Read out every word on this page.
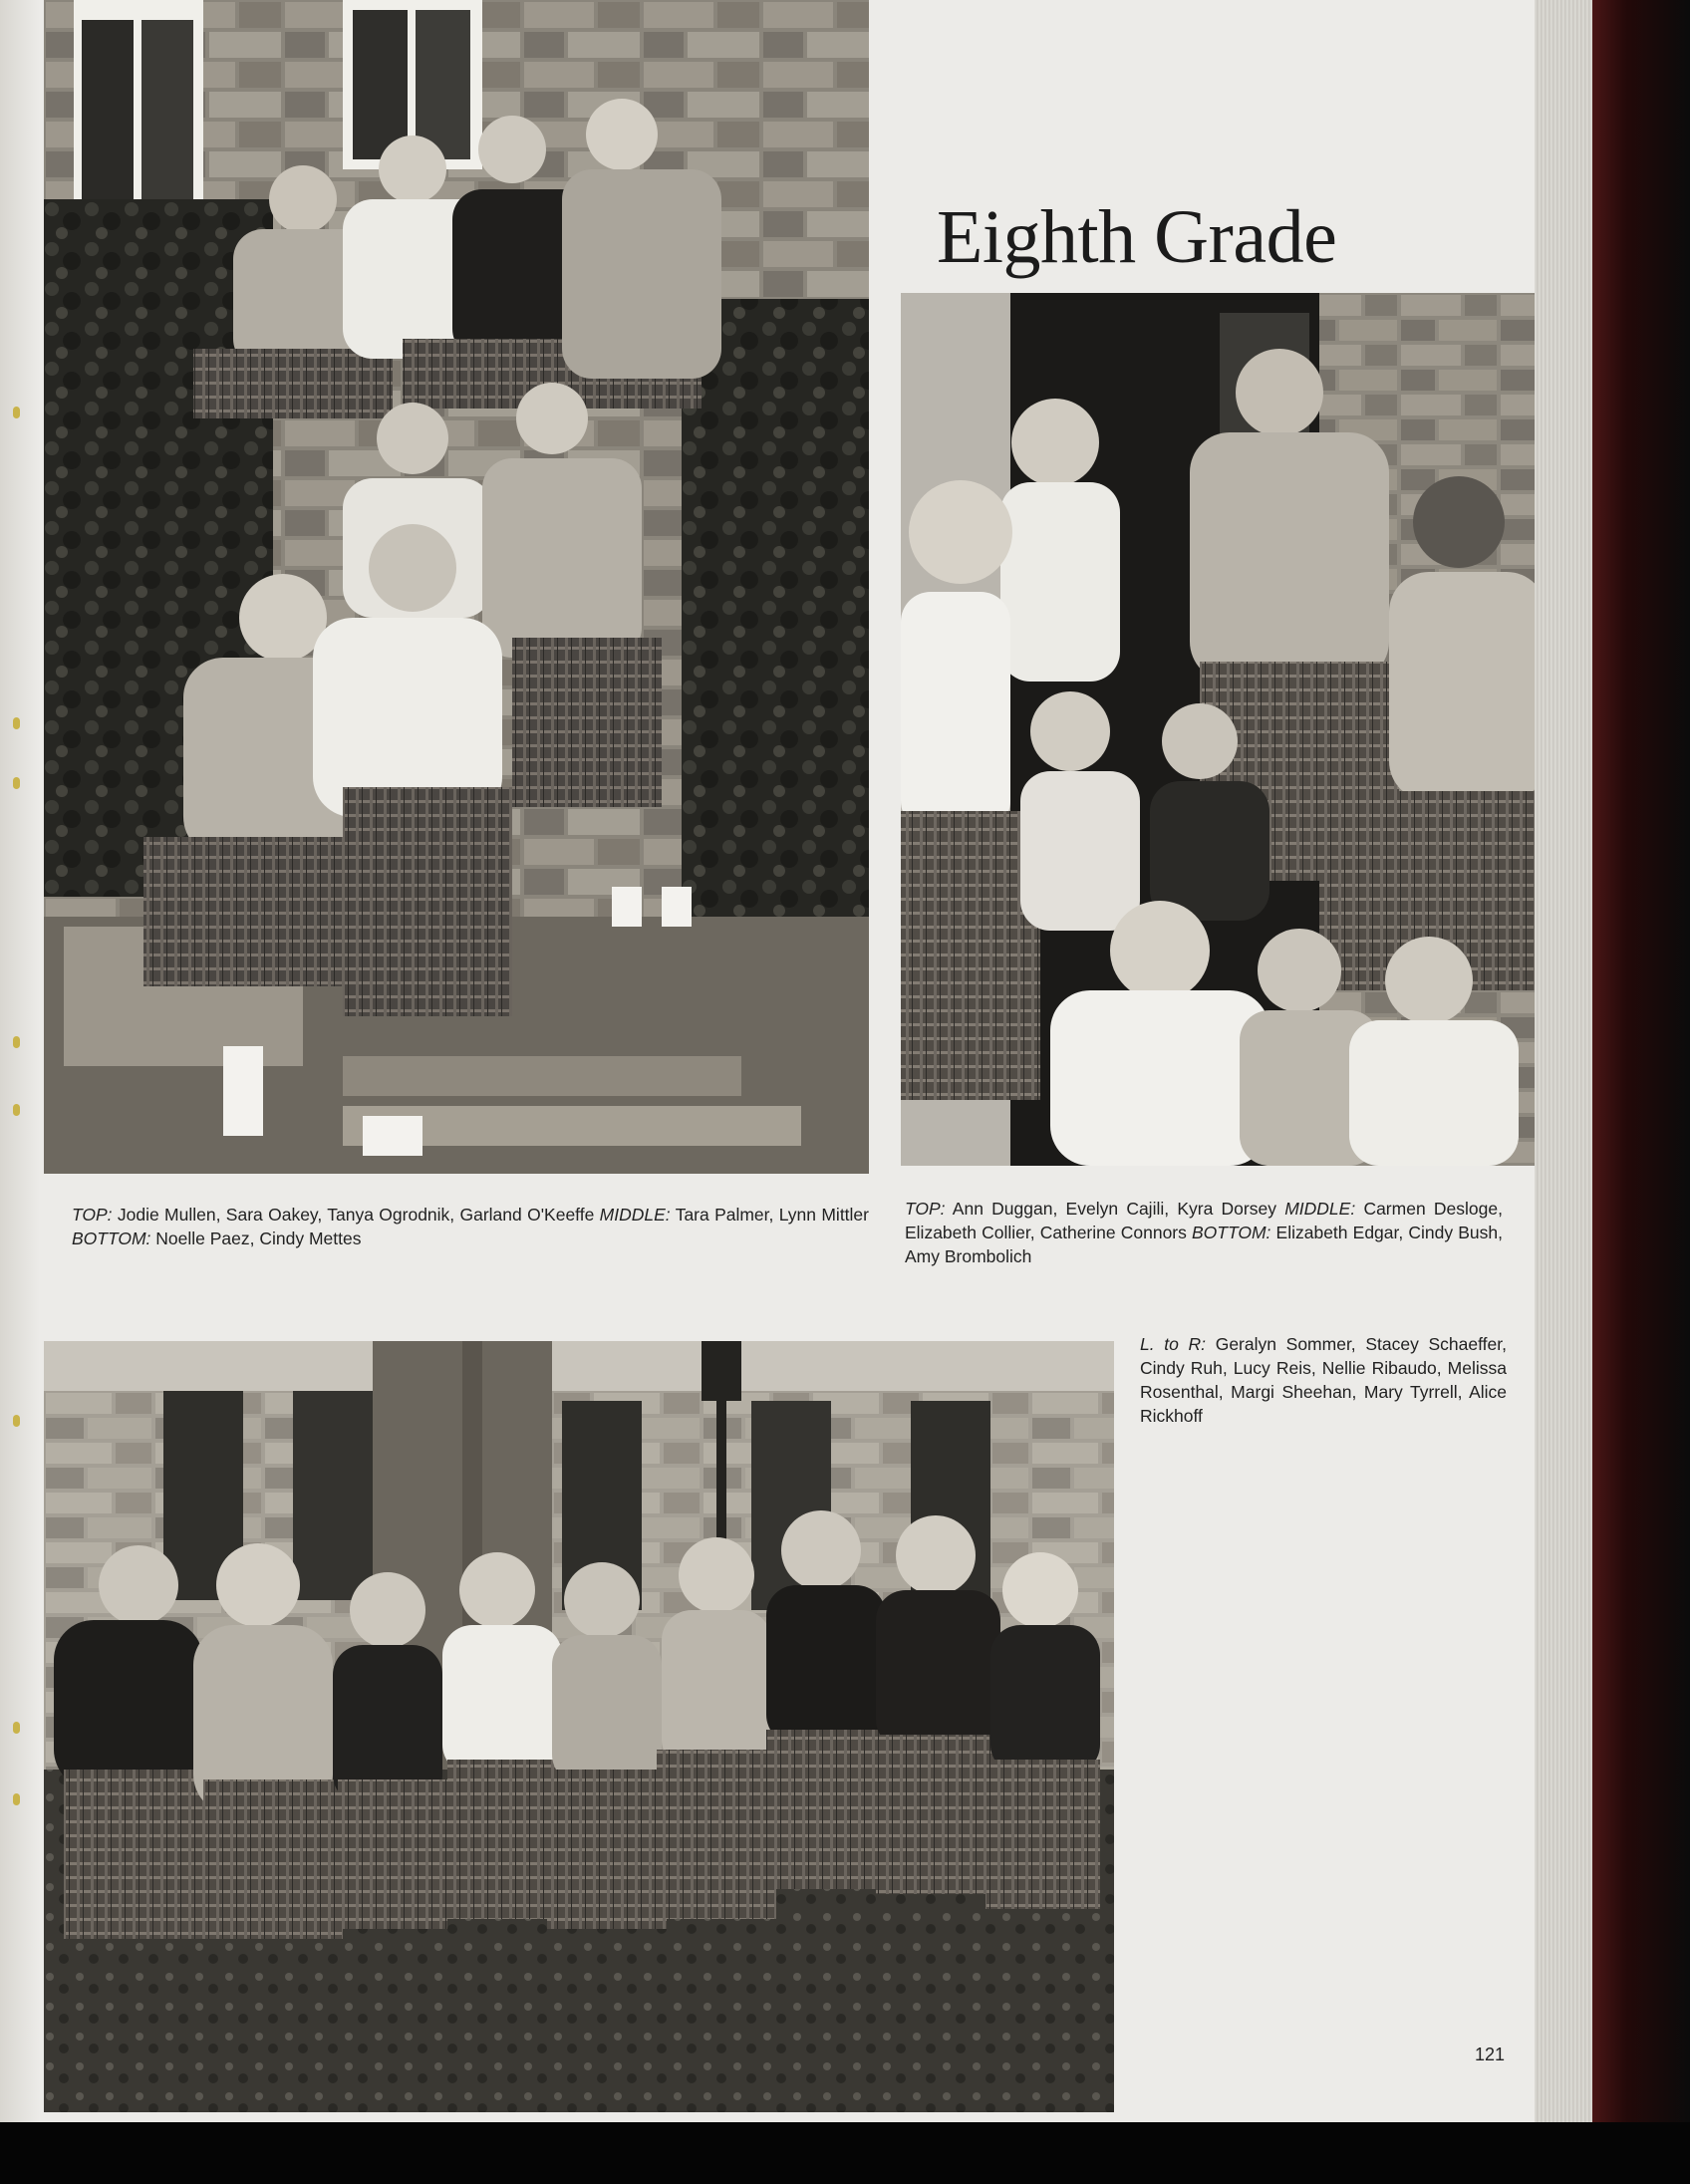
Eighth Grade
TOP: Jodie Mullen, Sara Oakey, Tanya Ogrodnik, Garland O'Keeffe MIDDLE: Tara Palmer, Lynn Mittler BOTTOM: Noelle Paez, Cindy Mettes
TOP: Ann Duggan, Evelyn Cajili, Kyra Dorsey MIDDLE: Carmen Desloge, Elizabeth Collier, Catherine Connors BOTTOM: Elizabeth Edgar, Cindy Bush, Amy Brombolich
L. to R: Geralyn Sommer, Stacey Schaeffer, Cindy Ruh, Lucy Reis, Nellie Ribaudo, Melissa Rosenthal, Margi Sheehan, Mary Tyrrell, Alice Rickhoff
121
